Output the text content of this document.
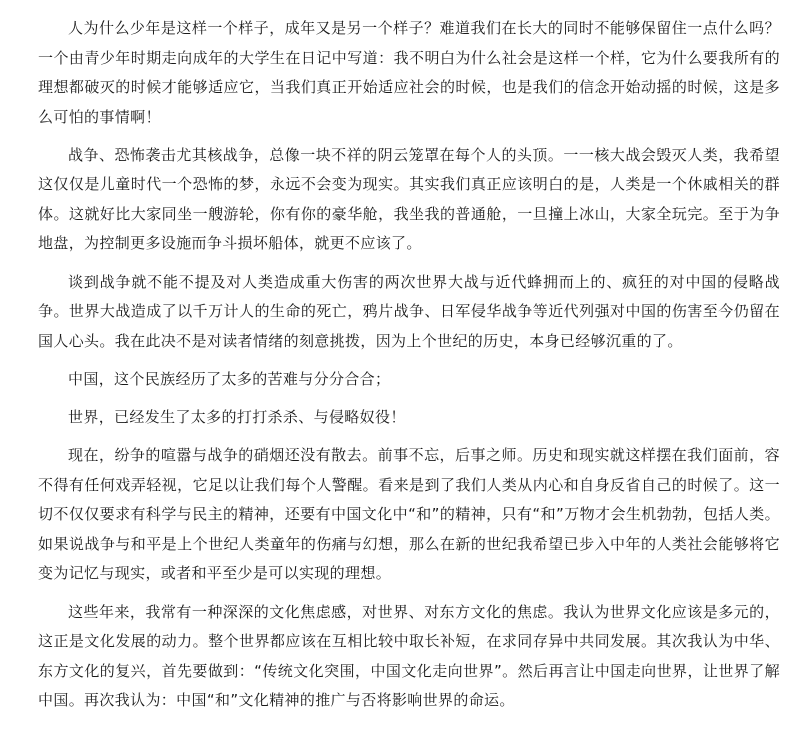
人为什么少年是这样一个样子，成年又是另一个样子？难道我们在长大的同时不能够保留住一点什么吗？一个由青少年时期走向成年的大学生在日记中写道：我不明白为什么社会是这样一个样，它为什么要我所有的理想都破灭的时候才能够适应它，当我们真正开始适应社会的时候，也是我们的信念开始动摇的时候，这是多么可怕的事情啊！

战争、恐怖袭击尤其核战争，总像一块不祥的阴云笼罩在每个人的头顶。一一核大战会毁灭人类，我希望这仅仅是儿童时代一个恐怖的梦，永远不会变为现实。其实我们真正应该明白的是，人类是一个休戚相关的群体。这就好比大家同坐一艘游轮，你有你的豪华舱，我坐我的普通舱，一旦撞上冰山，大家全玩完。至于为争地盘，为控制更多设施而争斗损坏船体，就更不应该了。

谈到战争就不能不提及对人类造成重大伤害的两次世界大战与近代蜂拥而上的、疯狂的对中国的侵略战争。世界大战造成了以千万计人的生命的死亡，鸦片战争、日军侵华战争等近代列强对中国的伤害至今仍留在国人心头。我在此决不是对读者情绪的刻意挑拨，因为上个世纪的历史，本身已经够沉重的了。

中国，这个民族经历了太多的苦难与分分合合；

世界，已经发生了太多的打打杀杀、与侵略奴役！

现在，纷争的喧嚣与战争的硝烟还没有散去。前事不忘，后事之师。历史和现实就这样摆在我们面前，容不得有任何戏弄轻视，它足以让我们每个人警醒。看来是到了我们人类从内心和自身反省自己的时候了。这一切不仅仅要求有科学与民主的精神，还要有中国文化中“和”的精神，只有“和”万物才会生机勃勃，包括人类。如果说战争与和平是上个世纪人类童年的伤痛与幻想，那么在新的世纪我希望已步入中年的人类社会能够将它变为记忆与现实，或者和平至少是可以实现的理想。

这些年来，我常有一种深深的文化焦虑感，对世界、对东方文化的焦虑。我认为世界文化应该是多元的，这正是文化发展的动力。整个世界都应该在互相比较中取长补短，在求同存异中共同发展。其次我认为中华、东方文化的复兴，首先要做到：“传统文化突围，中国文化走向世界”。然后再言让中国走向世界，让世界了解中国。再次我认为：中国“和”文化精神的推广与否将影响世界的命运。
